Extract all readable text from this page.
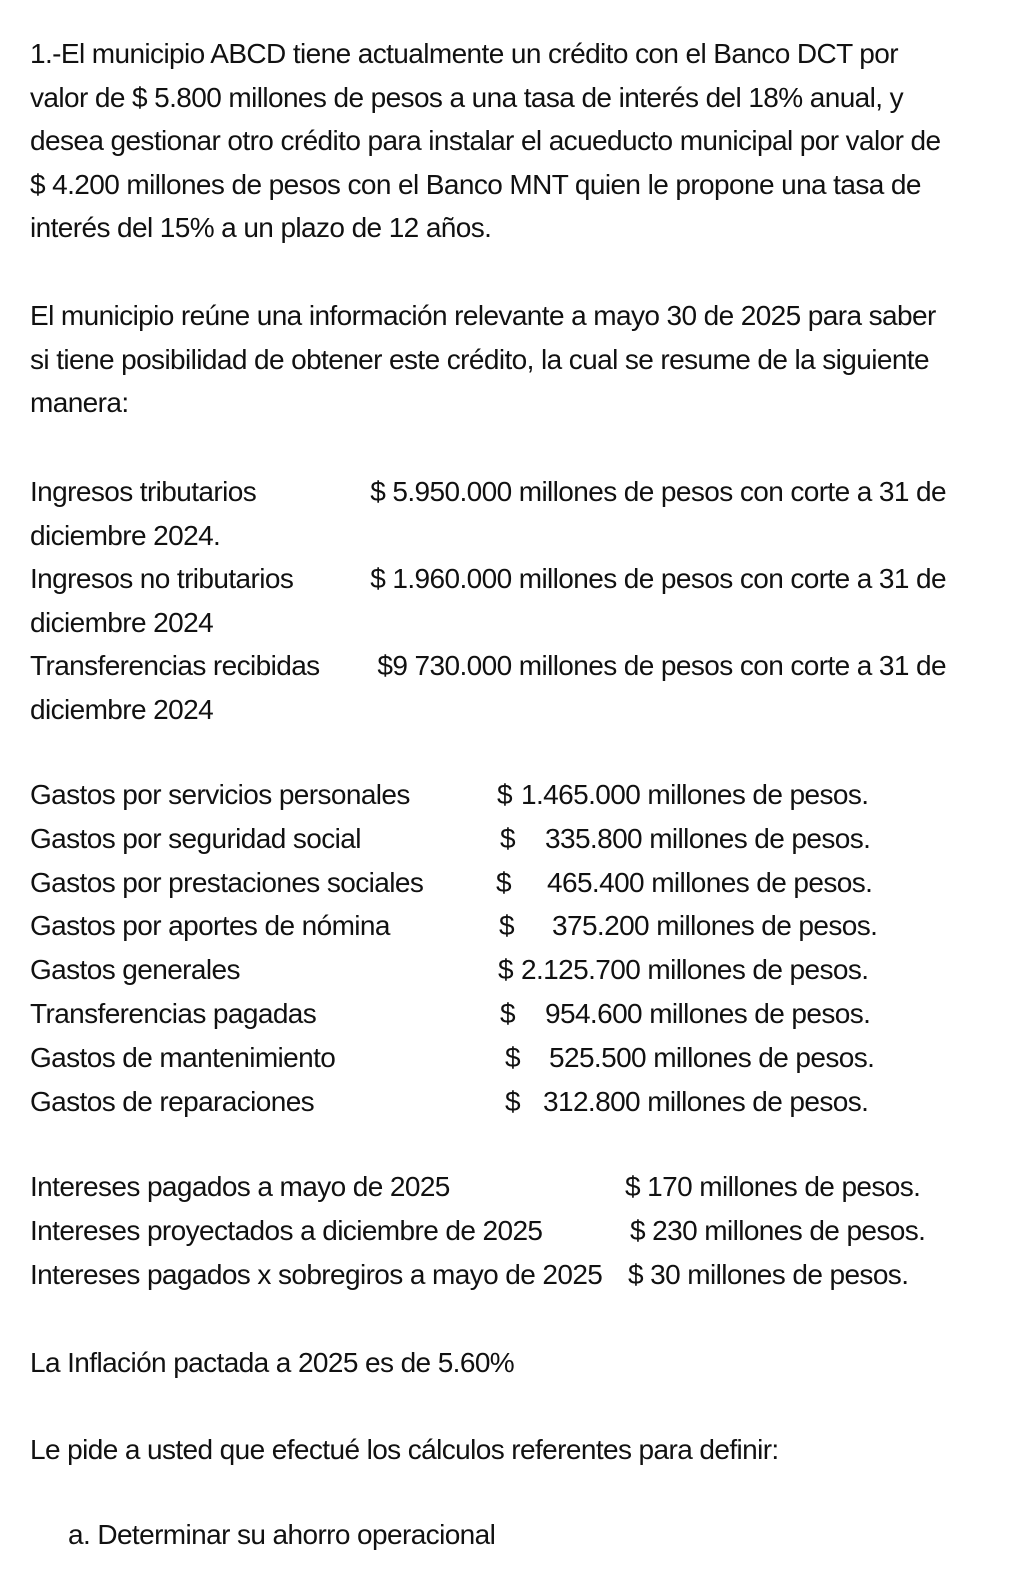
1.-El municipio ABCD tiene actualmente un crédito con el Banco DCT por
valor de $ 5.800 millones de pesos a una tasa de interés del 18% anual, y
desea gestionar otro crédito para instalar el acueducto municipal por valor de
$ 4.200 millones de pesos con el Banco MNT quien le propone una tasa de
interés del 15% a un plazo de 12 años.
El municipio reúne una información relevante a mayo 30 de 2025 para saber
si tiene posibilidad de obtener este crédito, la cual se resume de la siguiente
manera:
Ingresos tributarios	$ 5.950.000 millones de pesos con corte a 31 de
diciembre 2024.
Ingresos no tributarios	$ 1.960.000 millones de pesos con corte a 31 de
diciembre 2024
Transferencias recibidas $9 730.000 millones de pesos con corte a 31 de
diciembre 2024
Gastos por servicios personales	$ 1.465.000 millones de pesos.
Gastos por seguridad social	$ 335.800 millones de pesos.
Gastos por prestaciones sociales	$ 465.400 millones de pesos.
Gastos por aportes de nómina	$ 375.200 millones de pesos.
Gastos generales	$ 2.125.700 millones de pesos.
Transferencias pagadas	$ 954.600 millones de pesos.
Gastos de mantenimiento	$ 525.500 millones de pesos.
Gastos de reparaciones	$ 312.800 millones de pesos.
Intereses pagados a mayo de 2025	$ 170 millones de pesos.
Intereses proyectados a diciembre de 2025	$ 230 millones de pesos.
Intereses pagados x sobregiros a mayo de 2025 $ 30 millones de pesos.
La Inflación pactada a 2025 es de 5.60%
Le pide a usted que efectué los cálculos referentes para definir:
a. Determinar su ahorro operacional
